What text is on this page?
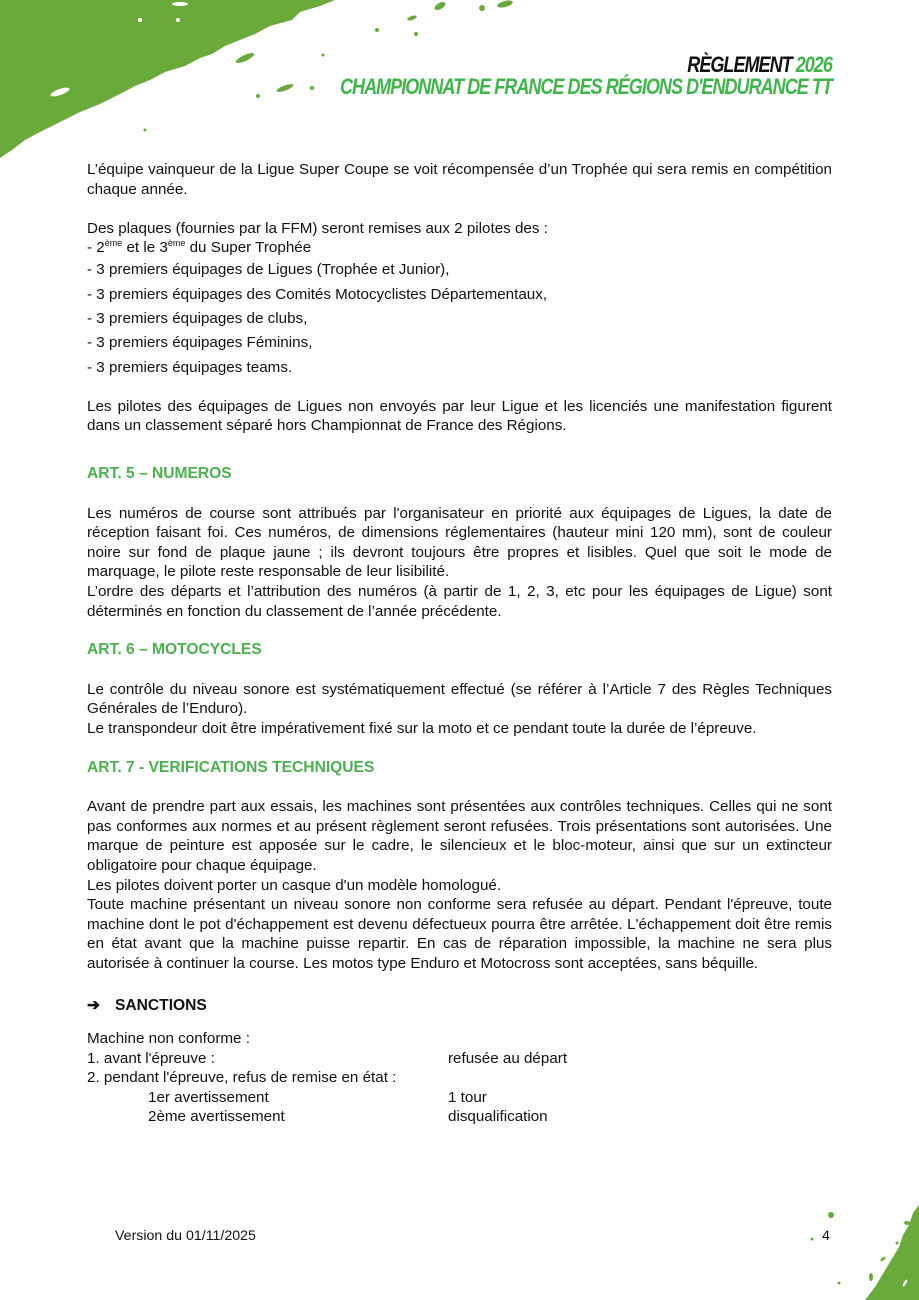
RÈGLEMENT 2026
CHAMPIONNAT DE FRANCE DES RÉGIONS D'ENDURANCE TT

L’équipe vainqueur de la Ligue Super Coupe se voit récompensée d’un Trophée qui sera remis en compétition chaque année.

Des plaques (fournies par la FFM) seront remises aux 2 pilotes des :

- 2ème et le 3ème du Super Trophée

- 3 premiers équipages de Ligues (Trophée et Junior),

- 3 premiers équipages des Comités Motocyclistes Départementaux,

- 3 premiers équipages de clubs,

- 3 premiers équipages Féminins,

- 3 premiers équipages teams.

Les pilotes des équipages de Ligues non envoyés par leur Ligue et les licenciés une manifestation figurent dans un classement séparé hors Championnat de France des Régions.

ART. 5 – NUMEROS

Les numéros de course sont attribués par l'organisateur en priorité aux équipages de Ligues, la date de réception faisant foi. Ces numéros, de dimensions réglementaires (hauteur mini 120 mm), sont de couleur noire sur fond de plaque jaune ; ils devront toujours être propres et lisibles. Quel que soit le mode de marquage, le pilote reste responsable de leur lisibilité.

L’ordre des départs et l’attribution des numéros (à partir de 1, 2, 3, etc pour les équipages de Ligue) sont déterminés en fonction du classement de l’année précédente.

ART. 6 – MOTOCYCLES

Le contrôle du niveau sonore est systématiquement effectué (se référer à l’Article 7 des Règles Techniques Générales de l’Enduro).

Le transpondeur doit être impérativement fixé sur la moto et ce pendant toute la durée de l’épreuve.

ART. 7 - VERIFICATIONS TECHNIQUES

Avant de prendre part aux essais, les machines sont présentées aux contrôles techniques. Celles qui ne sont pas conformes aux normes et au présent règlement seront refusées. Trois présentations sont autorisées. Une marque de peinture est apposée sur le cadre, le silencieux et le bloc-moteur, ainsi que sur un extincteur obligatoire pour chaque équipage.

Les pilotes doivent porter un casque d'un modèle homologué.

Toute machine présentant un niveau sonore non conforme sera refusée au départ. Pendant l'épreuve, toute machine dont le pot d'échappement est devenu défectueux pourra être arrêtée. L'échappement doit être remis en état avant que la machine puisse repartir. En cas de réparation impossible, la machine ne sera plus autorisée à continuer la course. Les motos type Enduro et Motocross sont acceptées, sans béquille.

➔ SANCTIONS

Machine non conforme :

1. avant l'épreuve :	refusée au départ
2. pendant l'épreuve, refus de remise en état :
1er avertissement	1 tour
2ème avertissement	disqualification
Version du 01/11/2025	4
